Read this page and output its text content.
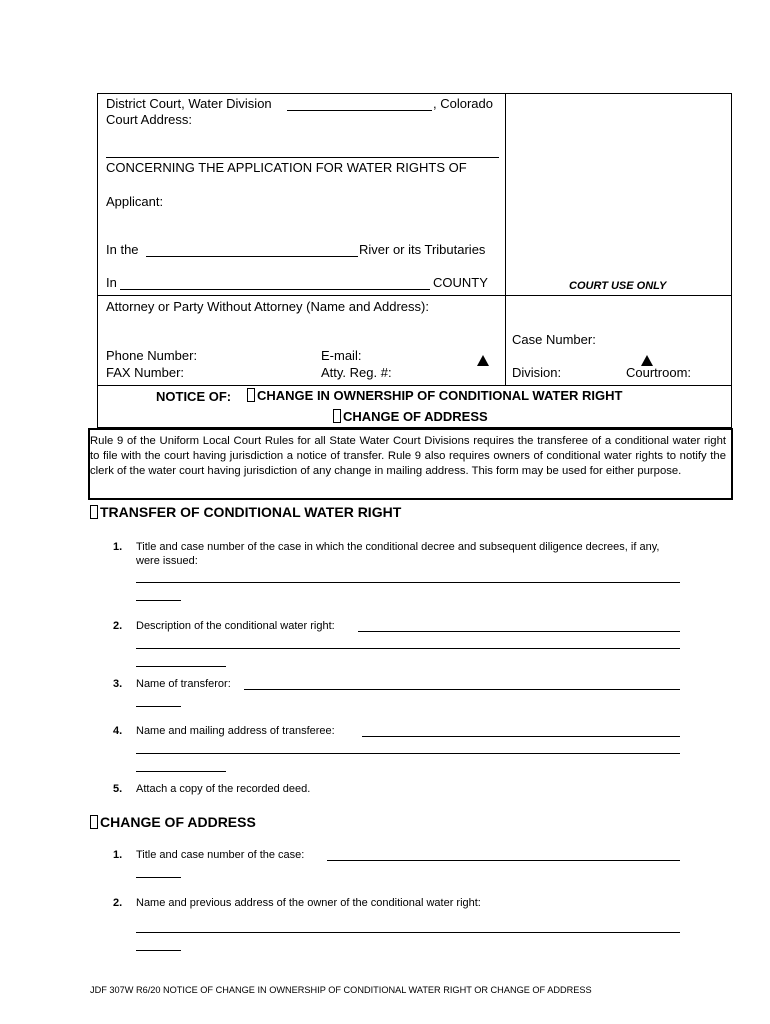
District Court, Water Division	, Colorado
Court Address:
CONCERNING THE APPLICATION FOR WATER RIGHTS OF
Applicant:
In the	River or its Tributaries
In	COUNTY	COURT USE ONLY
Attorney or Party Without Attorney (Name and Address):
Phone Number:	E-mail:
FAX Number:	Atty. Reg. #:
Case Number:
Division:	Courtroom:
NOTICE OF:	CHANGE IN OWNERSHIP OF CONDITIONAL WATER RIGHT
CHANGE OF ADDRESS
Rule 9 of the Uniform Local Court Rules for all State Water Court Divisions requires the transferee of a conditional water right to file with the court having jurisdiction a notice of transfer. Rule 9 also requires owners of conditional water rights to notify the clerk of the water court having jurisdiction of any change in mailing address. This form may be used for either purpose.
TRANSFER OF CONDITIONAL WATER RIGHT
1. Title and case number of the case in which the conditional decree and subsequent diligence decrees, if any,
were issued:
2. Description of the conditional water right:
3. Name of transferor:
4. Name and mailing address of transferee:
5. Attach a copy of the recorded deed.
CHANGE OF ADDRESS
1. Title and case number of the case:
2. Name and previous address of the owner of the conditional water right:
JDF 307W R6/20 NOTICE OF CHANGE IN OWNERSHIP OF CONDITIONAL WATER RIGHT OR CHANGE OF ADDRESS
